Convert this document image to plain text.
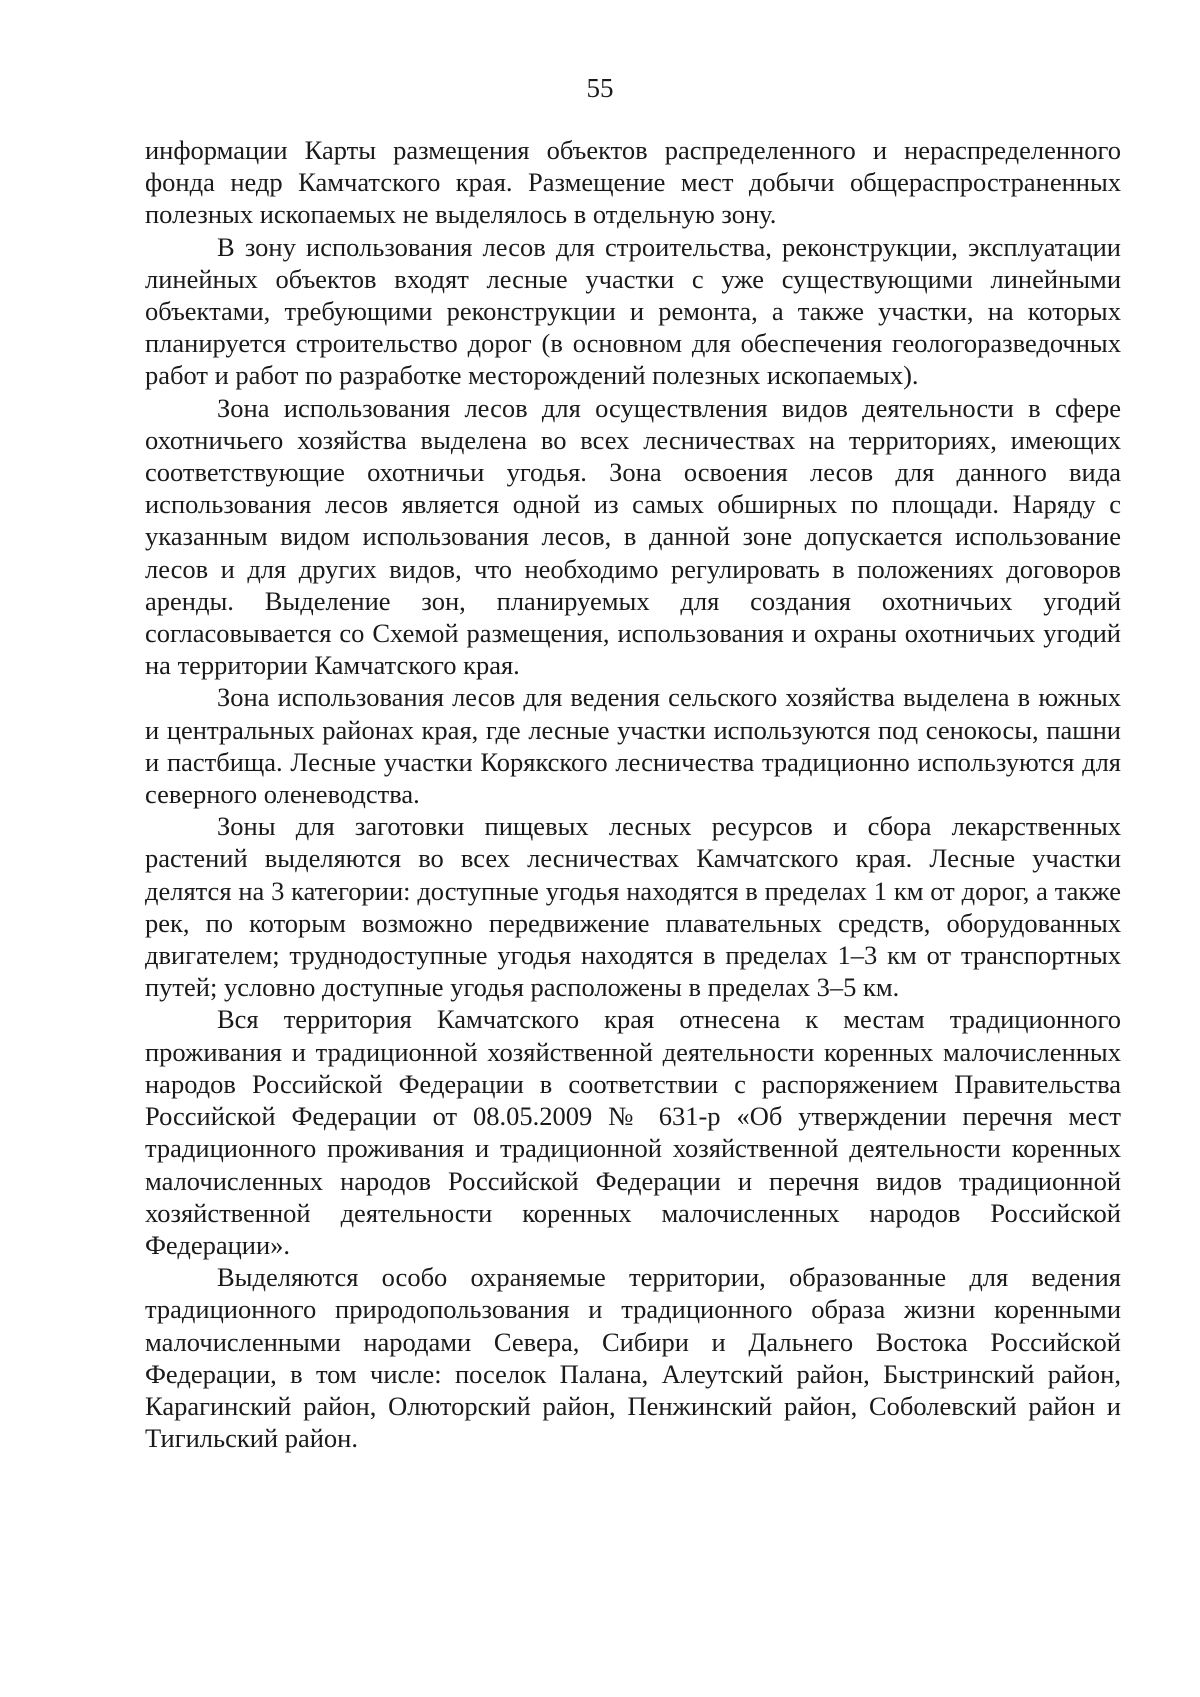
55

информации Карты размещения объектов распределенного и нераспределенного фонда недр Камчатского края. Размещение мест добычи общераспространенных полезных ископаемых не выделялось в отдельную зону.

В зону использования лесов для строительства, реконструкции, эксплуатации линейных объектов входят лесные участки с уже существующими линейными объектами, требующими реконструкции и ремонта, а также участки, на которых планируется строительство дорог (в основном для обеспечения геологоразведочных работ и работ по разработке месторождений полезных ископаемых).

Зона использования лесов для осуществления видов деятельности в сфере охотничьего хозяйства выделена во всех лесничествах на территориях, имеющих соответствующие охотничьи угодья. Зона освоения лесов для данного вида использования лесов является одной из самых обширных по площади. Наряду с указанным видом использования лесов, в данной зоне допускается использование лесов и для других видов, что необходимо регулировать в положениях договоров аренды. Выделение зон, планируемых для создания охотничьих угодий согласовывается со Схемой размещения, использования и охраны охотничьих угодий на территории Камчатского края.

Зона использования лесов для ведения сельского хозяйства выделена в южных и центральных районах края, где лесные участки используются под сенокосы, пашни и пастбища. Лесные участки Корякского лесничества традиционно используются для северного оленеводства.

Зоны для заготовки пищевых лесных ресурсов и сбора лекарственных растений выделяются во всех лесничествах Камчатского края. Лесные участки делятся на 3 категории: доступные угодья находятся в пределах 1 км от дорог, а также рек, по которым возможно передвижение плавательных средств, оборудованных двигателем; труднодоступные угодья находятся в пределах 1–3 км от транспортных путей; условно доступные угодья расположены в пределах 3–5 км.

Вся территория Камчатского края отнесена к местам традиционного проживания и традиционной хозяйственной деятельности коренных малочисленных народов Российской Федерации в соответствии с распоряжением Правительства Российской Федерации от 08.05.2009 № 631-р «Об утверждении перечня мест традиционного проживания и традиционной хозяйственной деятельности коренных малочисленных народов Российской Федерации и перечня видов традиционной хозяйственной деятельности коренных малочисленных народов Российской Федерации».

Выделяются особо охраняемые территории, образованные для ведения традиционного природопользования и традиционного образа жизни коренными малочисленными народами Севера, Сибири и Дальнего Востока Российской Федерации, в том числе: поселок Палана, Алеутский район, Быстринский район, Карагинский район, Олюторский район, Пенжинский район, Соболевский район и Тигильский район.
